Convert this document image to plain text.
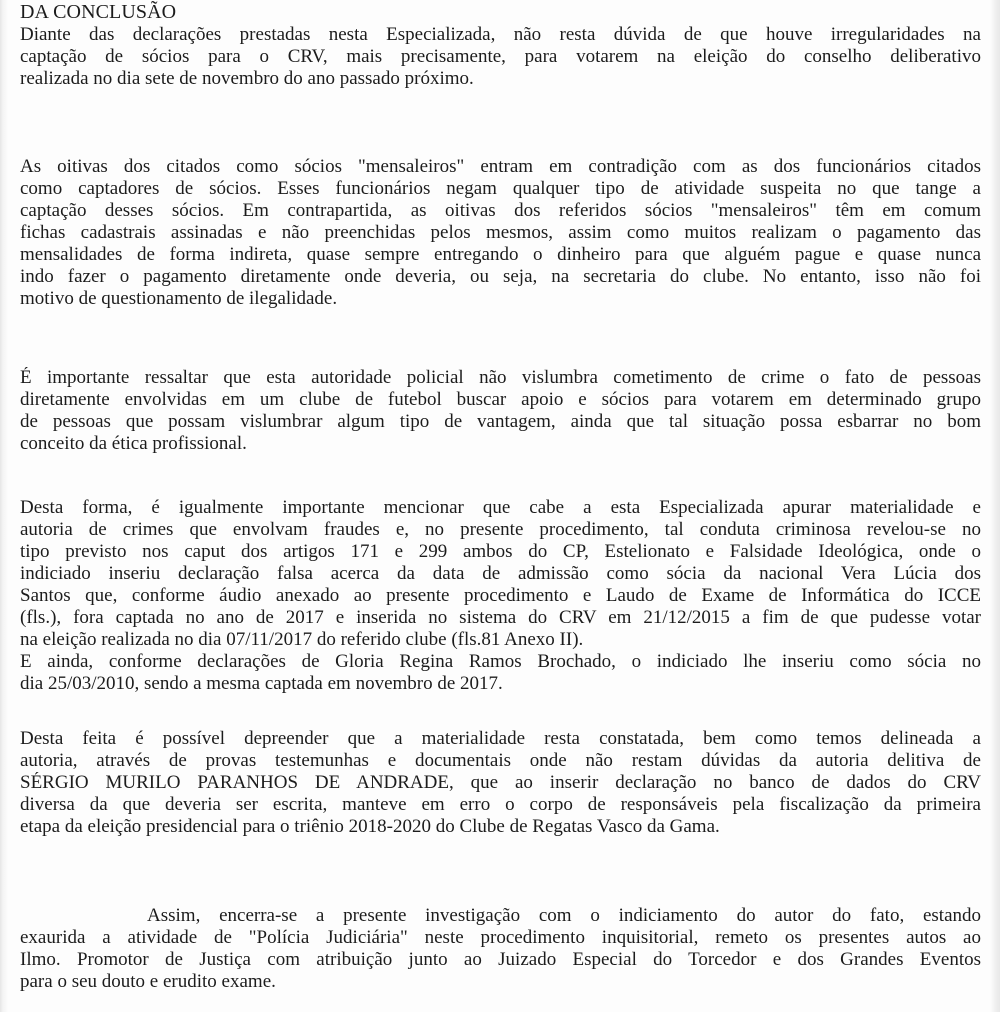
DA CONCLUSÃO
Diante das declarações prestadas nesta Especializada, não resta dúvida de que houve irregularidades na
captação de sócios para o CRV, mais precisamente, para votarem na eleição do conselho deliberativo
realizada no dia sete de novembro do ano passado próximo.
As oitivas dos citados como sócios "mensaleiros" entram em contradição com as dos funcionários citados
como captadores de sócios. Esses funcionários negam qualquer tipo de atividade suspeita no que tange a
captação desses sócios. Em contrapartida, as oitivas dos referidos sócios "mensaleiros" têm em comum
fichas cadastrais assinadas e não preenchidas pelos mesmos, assim como muitos realizam o pagamento das
mensalidades de forma indireta, quase sempre entregando o dinheiro para que alguém pague e quase nunca
indo fazer o pagamento diretamente onde deveria, ou seja, na secretaria do clube. No entanto, isso não foi
motivo de questionamento de ilegalidade.
É importante ressaltar que esta autoridade policial não vislumbra cometimento de crime o fato de pessoas
diretamente envolvidas em um clube de futebol buscar apoio e sócios para votarem em determinado grupo
de pessoas que possam vislumbrar algum tipo de vantagem, ainda que tal situação possa esbarrar no bom
conceito da ética profissional.
Desta forma, é igualmente importante mencionar que cabe a esta Especializada apurar materialidade e
autoria de crimes que envolvam fraudes e, no presente procedimento, tal conduta criminosa revelou-se no
tipo previsto nos caput dos artigos 171 e 299 ambos do CP, Estelionato e Falsidade Ideológica, onde o
indiciado inseriu declaração falsa acerca da data de admissão como sócia da nacional Vera Lúcia dos
Santos que, conforme áudio anexado ao presente procedimento e Laudo de Exame de Informática do ICCE
(fls.), fora captada no ano de 2017 e inserida no sistema do CRV em 21/12/2015 a fim de que pudesse votar
na eleição realizada no dia 07/11/2017 do referido clube (fls.81 Anexo II).
E ainda, conforme declarações de Gloria Regina Ramos Brochado, o indiciado lhe inseriu como sócia no
dia 25/03/2010, sendo a mesma captada em novembro de 2017.
Desta feita é possível depreender que a materialidade resta constatada, bem como temos delineada a
autoria, através de provas testemunhas e documentais onde não restam dúvidas da autoria delitiva de
SÉRGIO MURILO PARANHOS DE ANDRADE, que ao inserir declaração no banco de dados do CRV
diversa da que deveria ser escrita, manteve em erro o corpo de responsáveis pela fiscalização da primeira
etapa da eleição presidencial para o triênio 2018-2020 do Clube de Regatas Vasco da Gama.
Assim, encerra-se a presente investigação com o indiciamento do autor do fato, estando
exaurida a atividade de "Polícia Judiciária" neste procedimento inquisitorial, remeto os presentes autos ao
Ilmo. Promotor de Justiça com atribuição junto ao Juizado Especial do Torcedor e dos Grandes Eventos
para o seu douto e erudito exame.
